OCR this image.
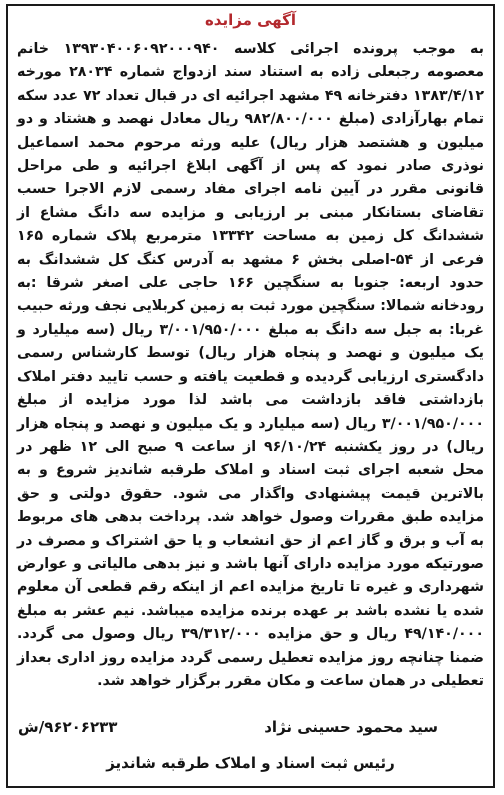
آگهی مزایده

به موجب پرونده اجرائی کلاسه ۱۳۹۳۰۴۰۰۶۰۹۲۰۰۰۹۴۰ خانم معصومه رجبعلی زاده به استناد سند ازدواج شماره ۲۸۰۳۴ مورخه ۱۳۸۳/۴/۱۲ دفترخانه ۴۹ مشهد اجرائیه ای در قبال تعداد ۷۲ عدد سکه تمام بهارآزادی (مبلغ ۹۸۲/۸۰۰/۰۰۰ ریال معادل نهصد و هشتاد و دو میلیون و هشتصد هزار ریال) علیه ورثه مرحوم محمد اسماعیل نوذری صادر نمود که پس از آگهی ابلاغ اجرائیه و طی مراحل قانونی مقرر در آیین نامه اجرای مفاد رسمی لازم الاجرا حسب تقاضای بستانکار مبنی بر ارزیابی و مزایده سه دانگ مشاع از ششدانگ کل زمین به مساحت ۱۳۳۴۲ مترمربع پلاک شماره ۱۶۵ فرعی از ۵۴-اصلی بخش ۶ مشهد به آدرس کنگ کل ششدانگ به حدود اربعه: جنوبا به سنگچین ۱۶۶ حاجی علی اصغر شرقا :به رودخانه شمالا: سنگچین مورد ثبت به زمین کربلایی نجف ورثه حبیب غربا: به جبل سه دانگ به مبلغ ۳/۰۰۱/۹۵۰/۰۰۰ ریال (سه میلیارد و یک میلیون و نهصد و پنجاه هزار ریال) توسط کارشناس رسمی دادگستری ارزیابی گردیده و قطعیت یافته و حسب تایید دفتر املاک بازداشتی فاقد بازداشت می باشد لذا مورد مزایده از مبلغ ۳/۰۰۱/۹۵۰/۰۰۰ ریال (سه میلیارد و یک میلیون و نهصد و پنجاه هزار ریال) در روز یکشنبه ۹۶/۱۰/۲۴ از ساعت ۹ صبح الی ۱۲ ظهر در محل شعبه اجرای ثبت اسناد و املاک طرقبه شاندیز شروع و به بالاترین قیمت پیشنهادی واگذار می شود. حقوق دولتی و حق مزایده طبق مقررات وصول خواهد شد. پرداخت بدهی های مربوط به آب و برق و گاز اعم از حق انشعاب و یا حق اشتراک و مصرف در صورتیکه مورد مزایده دارای آنها باشد و نیز بدهی مالیاتی و عوارض شهرداری و غیره تا تاریخ مزایده اعم از اینکه رقم قطعی آن معلوم شده یا نشده باشد بر عهده برنده مزایده میباشد. نیم عشر به مبلغ ۴۹/۱۴۰/۰۰۰ ریال و حق مزایده ۳۹/۳۱۲/۰۰۰ ریال وصول می گردد. ضمنا چنانچه روز مزایده تعطیل رسمی گردد مزایده روز اداری بعداز تعطیلی در همان ساعت و مکان مقرر برگزار خواهد شد.

سید محمود حسینی نژاد
۹۶۲۰۶۲۳۳/ش
رئیس ثبت اسناد و املاک طرقبه شاندیز
